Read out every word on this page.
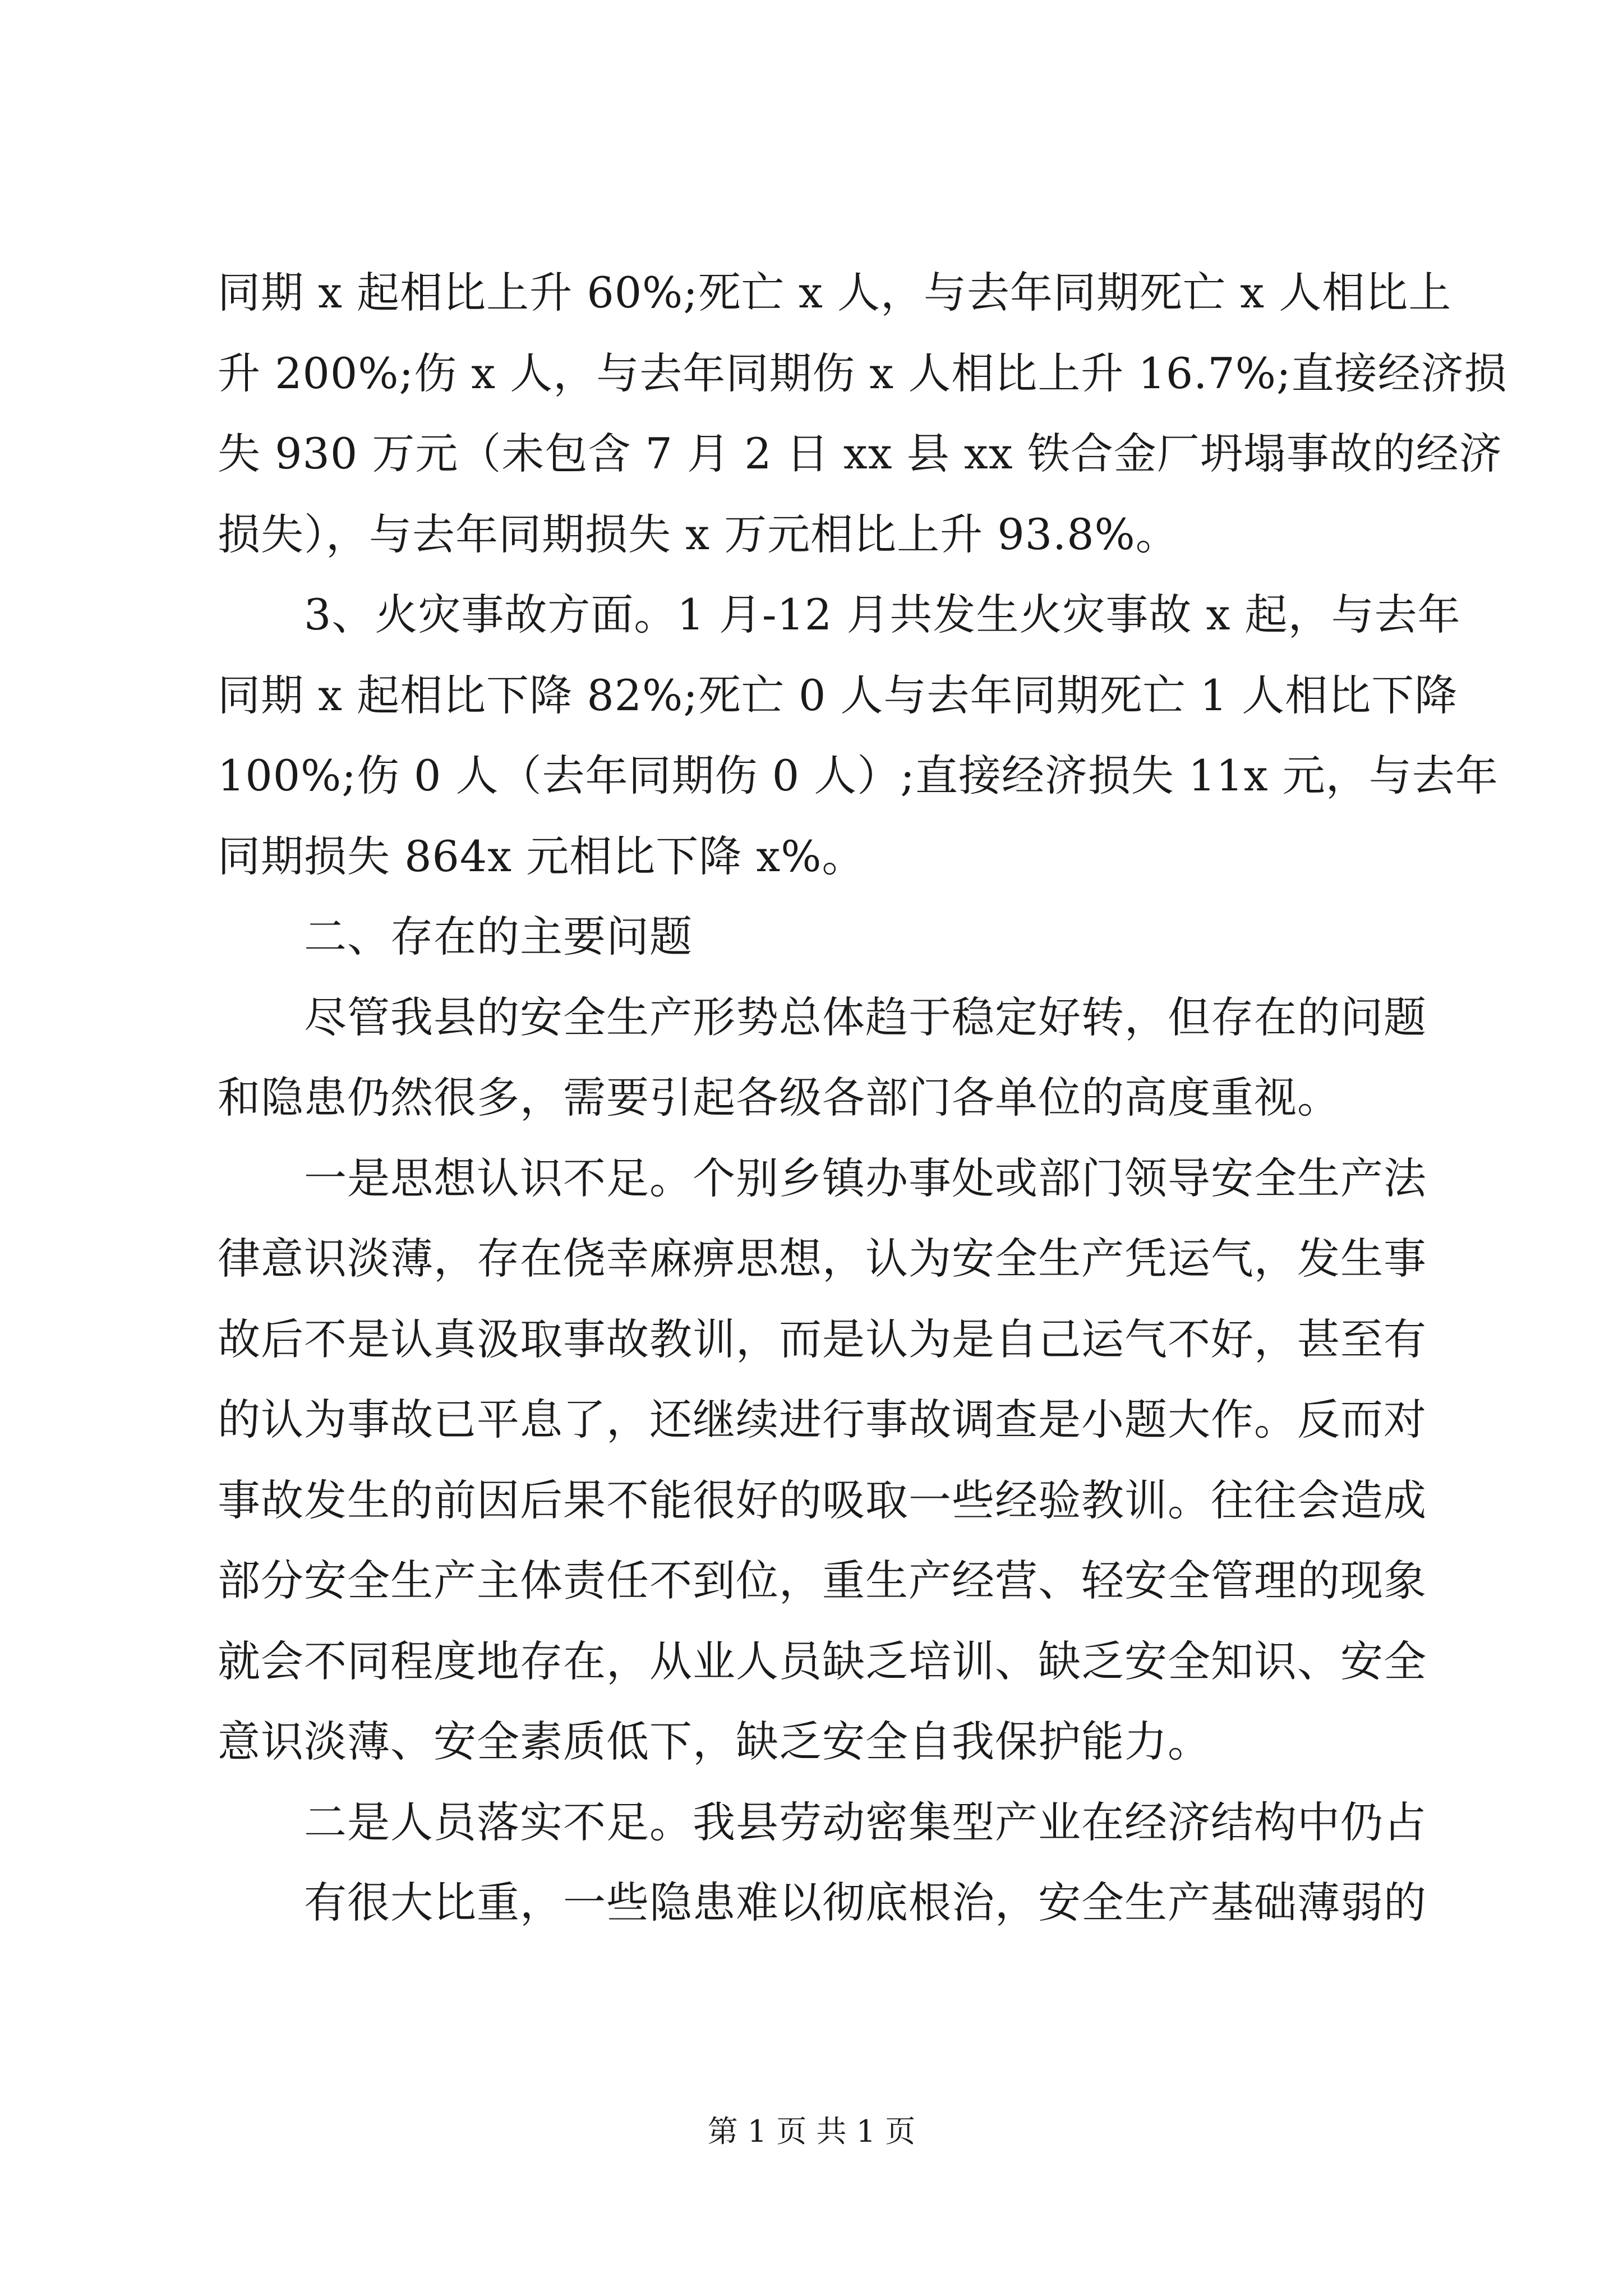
同期 x 起相比上升 60%;死亡 x 人，与去年同期死亡 x 人相比上
升 200%;伤 x 人，与去年同期伤 x 人相比上升 16.7%;直接经济损
失 930 万元（未包含 7 月 2 日 xx 县 xx 铁合金厂坍塌事故的经济
损失），与去年同期损失 x 万元相比上升 93.8%。
3、火灾事故方面。1 月-12 月共发生火灾事故 x 起，与去年
同期 x 起相比下降 82%;死亡 0 人与去年同期死亡 1 人相比下降
100%;伤 0 人（去年同期伤 0 人）;直接经济损失 11x 元，与去年
同期损失 864x 元相比下降 x%。
二、存在的主要问题
尽管我县的安全生产形势总体趋于稳定好转，但存在的问题
和隐患仍然很多，需要引起各级各部门各单位的高度重视。
一是思想认识不足。个别乡镇办事处或部门领导安全生产法
律意识淡薄，存在侥幸麻痹思想，认为安全生产凭运气，发生事
故后不是认真汲取事故教训，而是认为是自己运气不好，甚至有
的认为事故已平息了，还继续进行事故调查是小题大作。反而对
事故发生的前因后果不能很好的吸取一些经验教训。往往会造成
部分安全生产主体责任不到位，重生产经营、轻安全管理的现象
就会不同程度地存在，从业人员缺乏培训、缺乏安全知识、安全
意识淡薄、安全素质低下，缺乏安全自我保护能力。
二是人员落实不足。我县劳动密集型产业在经济结构中仍占
有很大比重，一些隐患难以彻底根治，安全生产基础薄弱的
第 1 页 共 1 页
